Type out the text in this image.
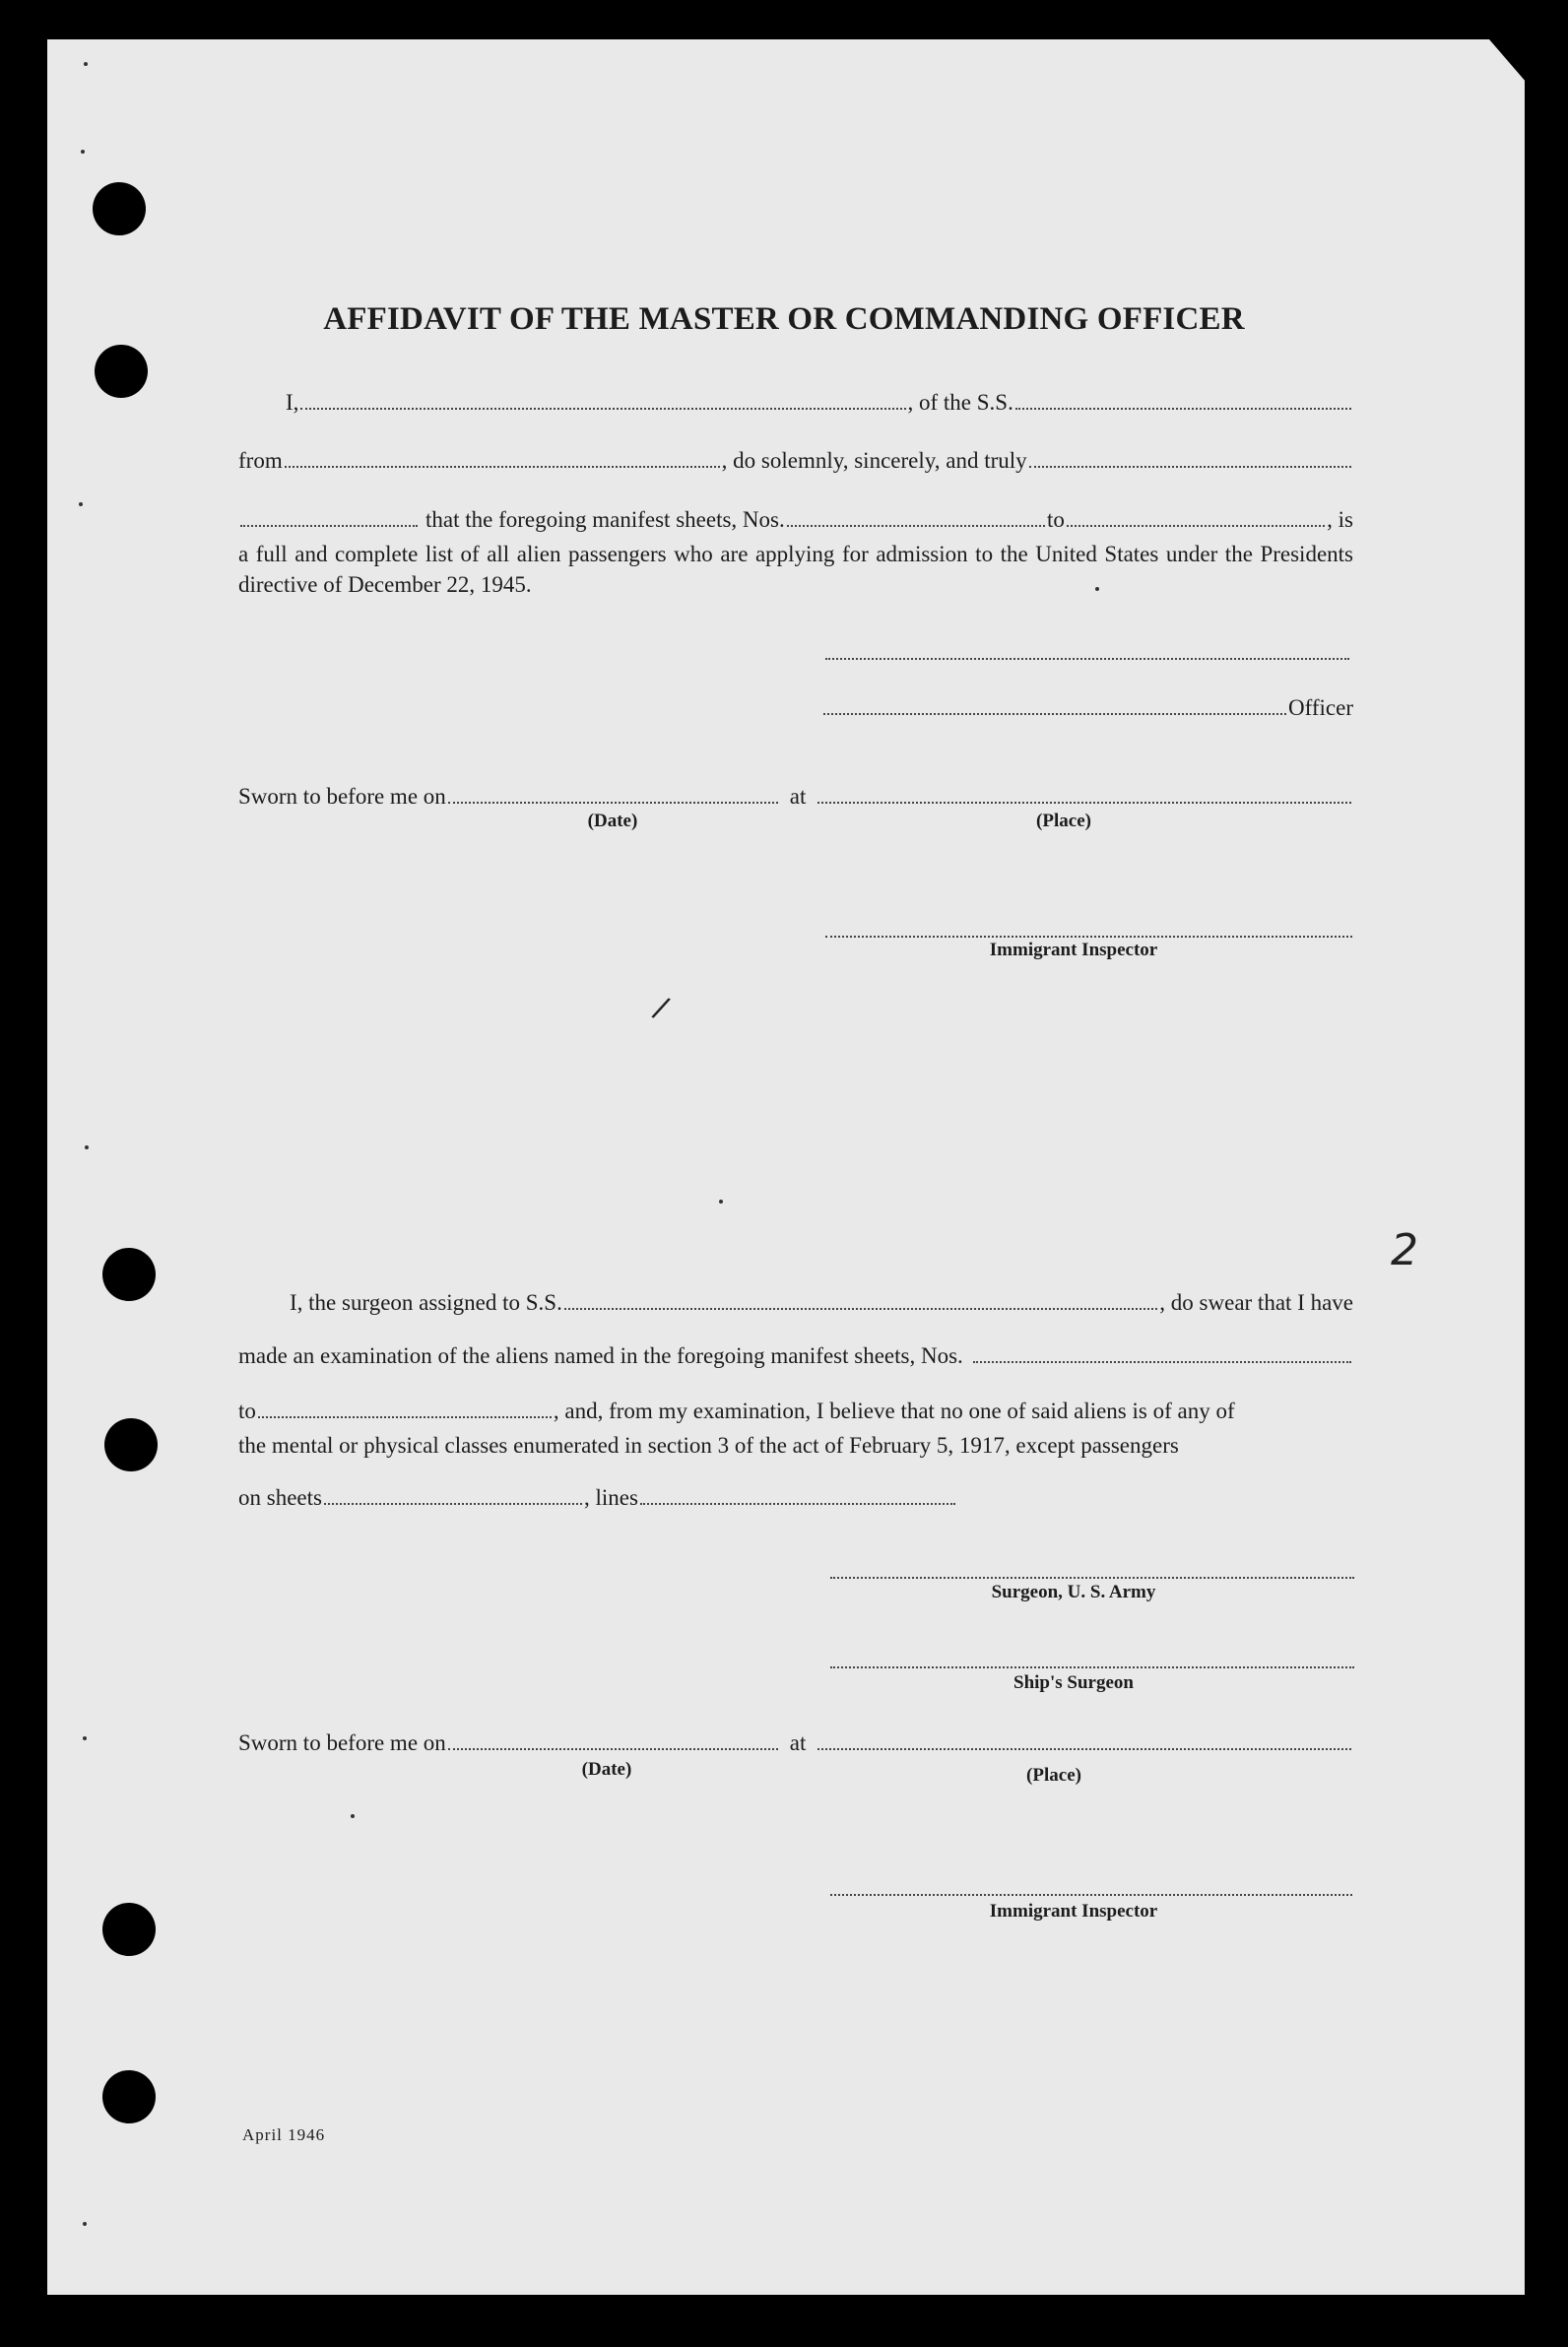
AFFIDAVIT OF THE MASTER OR COMMANDING OFFICER
I,	, of the S.S.
from	, do solemnly, sincerely, and truly
that the foregoing manifest sheets, Nos.	to	, is
a full and complete list of all alien passengers who are applying for admission to the United States under the Presidents directive of December 22, 1945.
Officer
Sworn to before me on	at
(Date)	(Place)
Immigrant Inspector
/
2
I, the surgeon assigned to S.S.	, do swear that I have
made an examination of the aliens named in the foregoing manifest sheets, Nos.
to	, and, from my examination, I believe that no one of said aliens is of any of
the mental or physical classes enumerated in section 3 of the act of February 5, 1917, except passengers
on sheets	, lines
Surgeon, U. S. Army
Ship's Surgeon
Sworn to before me on	at
(Date)	(Place)
Immigrant Inspector
April 1946
